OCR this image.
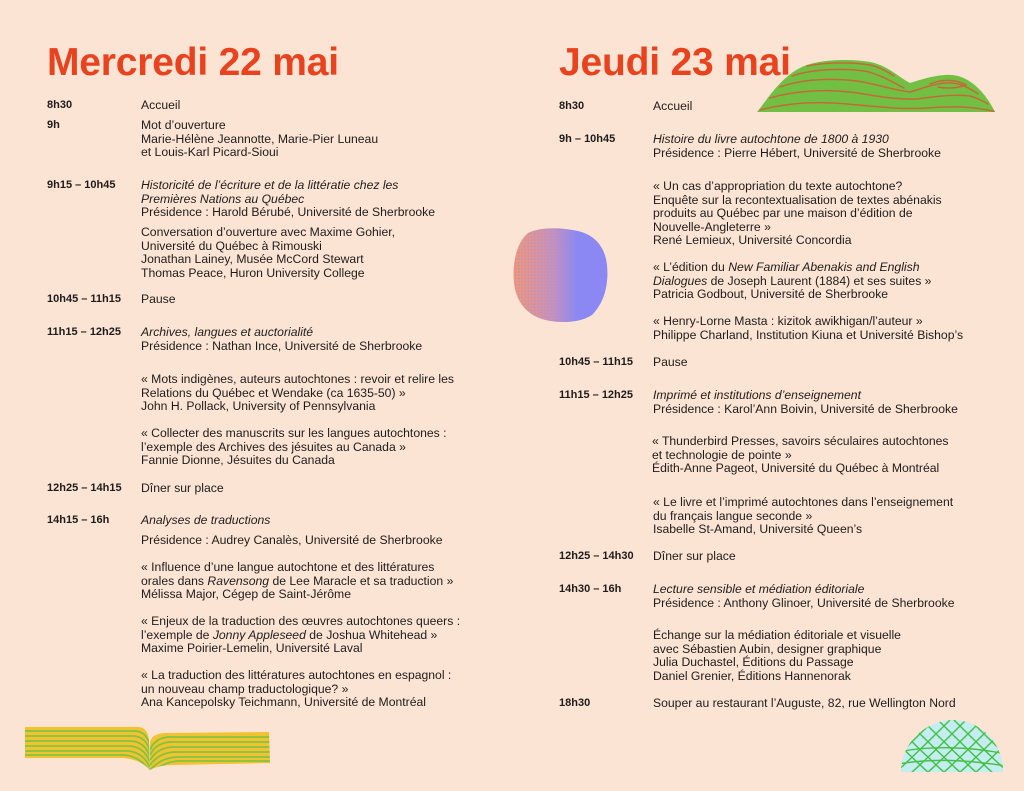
Mercredi 22 mai
8h30	Accueil
9h	Mot d’ouverture
Marie-Hélène Jeannotte, Marie-Pier Luneau
et Louis-Karl Picard-Sioui
9h15 – 10h45 Historicité de l’écriture et de la littératie chez les
Premières Nations au Québec
Présidence : Harold Bérubé, Université de Sherbrooke
Conversation d’ouverture avec Maxime Gohier,
Université du Québec à Rimouski
Jonathan Lainey, Musée McCord Stewart
Thomas Peace, Huron University College
10h45 – 11h15 Pause
11h15 – 12h25 Archives, langues et auctorialité
Présidence : Nathan Ince, Université de Sherbrooke
« Mots indigènes, auteurs autochtones : revoir et relire les
Relations du Québec et Wendake (ca 1635-50) »
John H. Pollack, University of Pennsylvania
« Collecter des manuscrits sur les langues autochtones :
l’exemple des Archives des jésuites au Canada »
Fannie Dionne, Jésuites du Canada
12h25 – 14h15 Dîner sur place
14h15 – 16h	Analyses de traductions
Présidence : Audrey Canalès, Université de Sherbrooke
« Influence d’une langue autochtone et des littératures
orales dans Ravensong de Lee Maracle et sa traduction »
Mélissa Major, Cégep de Saint-Jérôme
« Enjeux de la traduction des œuvres autochtones queers :
l’exemple de Jonny Appleseed de Joshua Whitehead »
Maxime Poirier-Lemelin, Université Laval
« La traduction des littératures autochtones en espagnol :
un nouveau champ traductologique? »
Ana Kancepolsky Teichmann, Université de Montréal
Jeudi 23 mai
8h30	Accueil
9h – 10h45	Histoire du livre autochtone de 1800 à 1930
Présidence : Pierre Hébert, Université de Sherbrooke
« Un cas d’appropriation du texte autochtone?
Enquête sur la recontextualisation de textes abénakis
produits au Québec par une maison d’édition de
Nouvelle-Angleterre »
René Lemieux, Université Concordia
« L’édition du New Familiar Abenakis and English
Dialogues de Joseph Laurent (1884) et ses suites »
Patricia Godbout, Université de Sherbrooke
« Henry-Lorne Masta : kizitok awikhigan/l’auteur »
Philippe Charland, Institution Kiuna et Université Bishop’s
10h45 – 11h15 Pause
11h15 – 12h25 Imprimé et institutions d’enseignement
Présidence : Karol’Ann Boivin, Université de Sherbrooke
« Thunderbird Presses, savoirs séculaires autochtones
et technologie de pointe »
Édith-Anne Pageot, Université du Québec à Montréal
« Le livre et l’imprimé autochtones dans l’enseignement
du français langue seconde »
Isabelle St-Amand, Université Queen’s
12h25 – 14h30 Dîner sur place
14h30 – 16h	Lecture sensible et médiation éditoriale
Présidence : Anthony Glinoer, Université de Sherbrooke
Échange sur la médiation éditoriale et visuelle
avec Sébastien Aubin, designer graphique
Julia Duchastel, Éditions du Passage
Daniel Grenier, Éditions Hannenorak
18h30	Souper au restaurant l’Auguste, 82, rue Wellington Nord
